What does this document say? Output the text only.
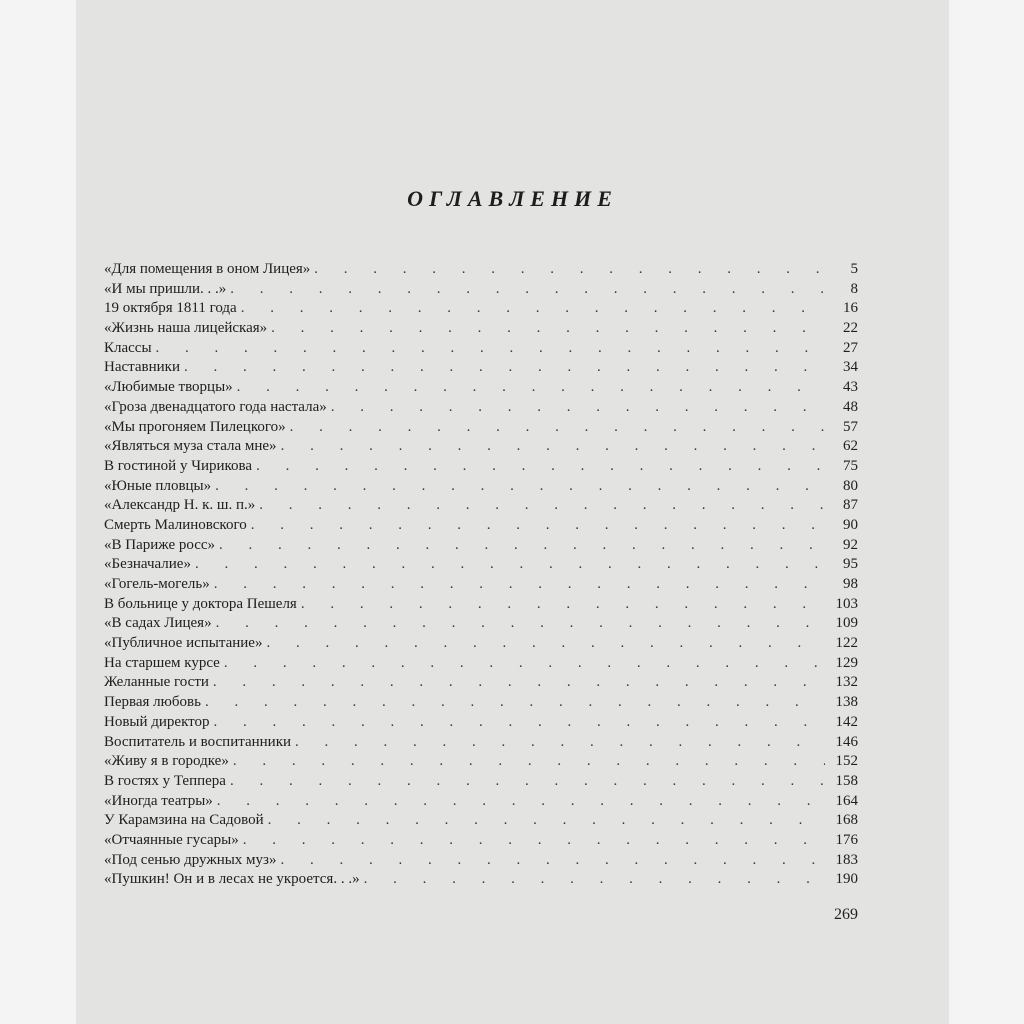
ОГЛАВЛЕНИЕ
«Для помещения в оном Лицея» . . .	5
«И мы пришли. . .» . . .	8
19 октября 1811 года . . .	16
«Жизнь наша лицейская» . . .	22
Классы . . .	27
Наставники . . .	34
«Любимые творцы» . . .	43
«Гроза двенадцатого года настала» . . .	48
«Мы прогоняем Пилецкого» . . .	57
«Являться муза стала мне» . . .	62
В гостиной у Чирикова . . .	75
«Юные пловцы» . . .	80
«Александр Н. к. ш. п.» . . .	87
Смерть Малиновского . . .	90
«В Париже росс» . . .	92
«Безначалие» . . .	95
«Гогель-могель» . . .	98
В больнице у доктора Пешеля . . .	103
«В садах Лицея» . . .	109
«Публичное испытание» . . .	122
На старшем курсе . . .	129
Желанные гости . . .	132
Первая любовь . . .	138
Новый директор . . .	142
Воспитатель и воспитанники . . .	146
«Живу я в городке» . . .	152
В гостях у Теппера . . .	158
«Иногда театры» . . .	164
У Карамзина на Садовой . . .	168
«Отчаянные гусары» . . .	176
«Под сенью дружных муз» . . .	183
«Пушкин! Он и в лесах не укроется. . .» . . .	190
269
